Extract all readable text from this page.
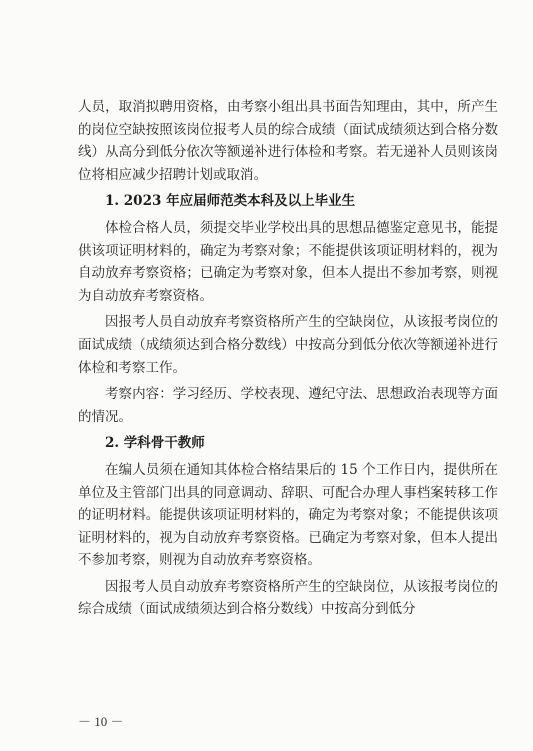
人员，取消拟聘用资格，由考察小组出具书面告知理由，其中，所产生的岗位空缺按照该岗位报考人员的综合成绩（面试成绩须达到合格分数线）从高分到低分依次等额递补进行体检和考察。若无递补人员则该岗位将相应减少招聘计划或取消。

1. 2023 年应届师范类本科及以上毕业生

体检合格人员，须提交毕业学校出具的思想品德鉴定意见书，能提供该项证明材料的，确定为考察对象；不能提供该项证明材料的，视为自动放弃考察资格；已确定为考察对象，但本人提出不参加考察，则视为自动放弃考察资格。

因报考人员自动放弃考察资格所产生的空缺岗位，从该报考岗位的面试成绩（成绩须达到合格分数线）中按高分到低分依次等额递补进行体检和考察工作。

考察内容：学习经历、学校表现、遵纪守法、思想政治表现等方面的情况。

2. 学科骨干教师

在编人员须在通知其体检合格结果后的 15 个工作日内，提供所在单位及主管部门出具的同意调动、辞职、可配合办理人事档案转移工作的证明材料。能提供该项证明材料的，确定为考察对象；不能提供该项证明材料的，视为自动放弃考察资格。已确定为考察对象，但本人提出不参加考察，则视为自动放弃考察资格。

因报考人员自动放弃考察资格所产生的空缺岗位，从该报考岗位的综合成绩（面试成绩须达到合格分数线）中按高分到低分

－ 10 －
